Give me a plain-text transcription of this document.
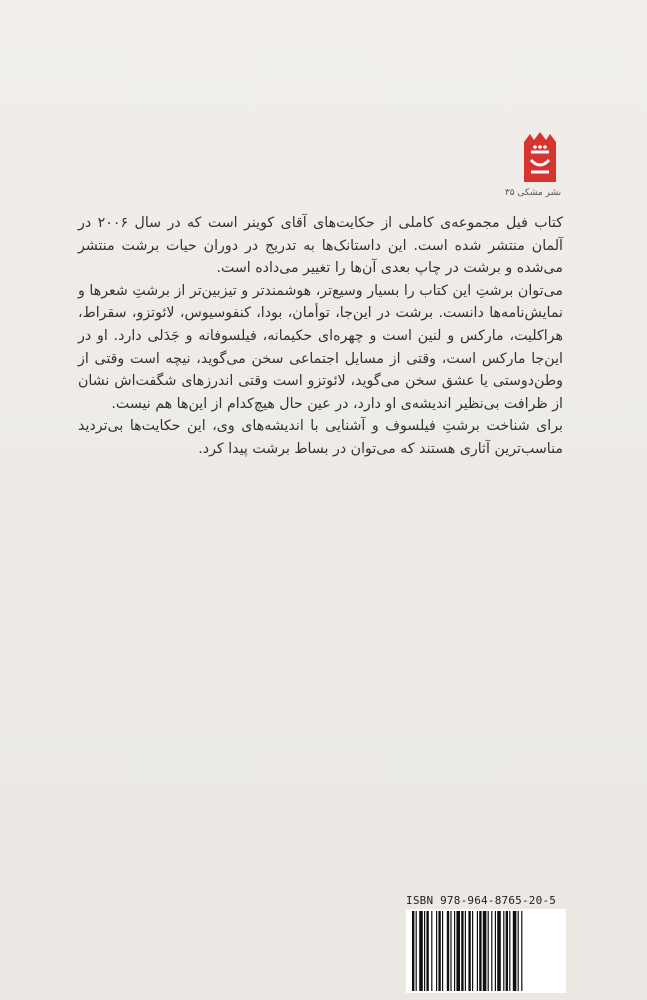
نشر مشکی ۳۵

کتاب فیل مجموعه‌ی کاملی از حکایت‌های آقای کوینر است که در سال ۲۰۰۶ در آلمان منتشر شده است. این داستانک‌ها به تدریج در دوران حیات برشت منتشر می‌شده و برشت در چاپ بعدی آن‌ها را تغییر می‌داده است.

می‌توان برشتِ این کتاب را بسیار وسیع‌تر، هوشمندتر و تیزبین‌تر از برشتِ شعرها و نمایش‌نامه‌ها دانست. برشت در این‌جا، توأمان، بودا، کنفوسیوس، لائوتزو، سقراط، هراکلیت، مارکس و لنین است و چهره‌ای حکیمانه، فیلسوفانه و جَدَلی دارد. او در این‌جا مارکس است، وقتی از مسایل اجتماعی سخن می‌گوید، نیچه است وقتی از وطن‌دوستی یا عشق سخن می‌گوید، لائوتزو است وقتی اندرزهای شگفت‌اش نشان از ظرافت بی‌نظیر اندیشه‌ی او دارد، در عین حال هیچ‌کدام از این‌ها هم نیست.

برای شناخت برشتِ فیلسوف و آشنایی با اندیشه‌های وی، این حکایت‌ها بی‌تردید مناسب‌ترین آثاری هستند که می‌توان در بساط برشت پیدا کرد.

ISBN 978-964-8765-20-5
